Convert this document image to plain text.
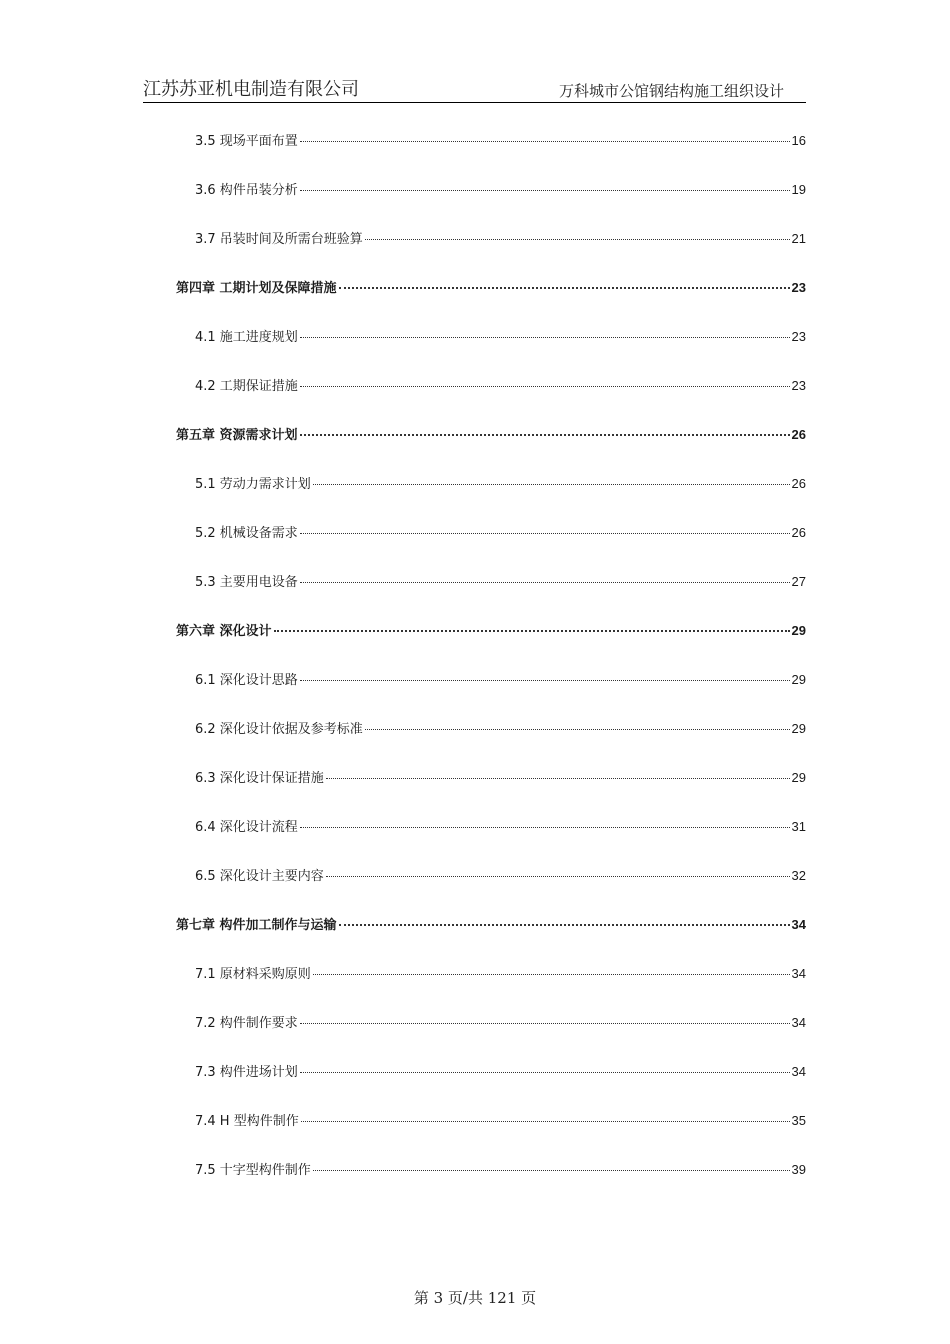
江苏苏亚机电制造有限公司	万科城市公馆钢结构施工组织设计
3.5 现场平面布置	16
3.6 构件吊装分析	19
3.7 吊装时间及所需台班验算	21
第四章 工期计划及保障措施	23
4.1 施工进度规划	23
4.2 工期保证措施	23
第五章 资源需求计划	26
5.1 劳动力需求计划	26
5.2 机械设备需求	26
5.3 主要用电设备	27
第六章 深化设计	29
6.1 深化设计思路	29
6.2 深化设计依据及参考标准	29
6.3 深化设计保证措施	29
6.4 深化设计流程	31
6.5 深化设计主要内容	32
第七章 构件加工制作与运输	34
7.1 原材料采购原则	34
7.2 构件制作要求	34
7.3 构件进场计划	34
7.4 H 型构件制作	35
7.5 十字型构件制作	39
第 3 页/共 121 页
